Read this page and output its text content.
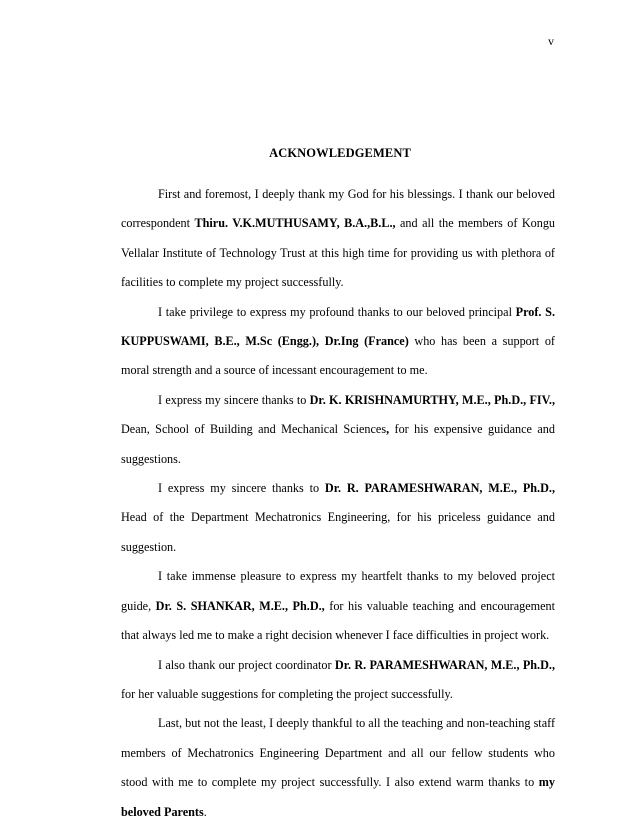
v
ACKNOWLEDGEMENT

First and foremost, I deeply thank my God for his blessings. I thank our beloved correspondent Thiru. V.K.MUTHUSAMY, B.A.,B.L., and all the members of Kongu Vellalar Institute of Technology Trust at this high time for providing us with plethora of facilities to complete my project successfully.

I take privilege to express my profound thanks to our beloved principal Prof. S. KUPPUSWAMI, B.E., M.Sc (Engg.), Dr.Ing (France) who has been a support of moral strength and a source of incessant encouragement to me.

I express my sincere thanks to Dr. K. KRISHNAMURTHY, M.E., Ph.D., FIV., Dean, School of Building and Mechanical Sciences, for his expensive guidance and suggestions.

I express my sincere thanks to Dr. R. PARAMESHWARAN, M.E., Ph.D., Head of the Department Mechatronics Engineering, for his priceless guidance and suggestion.

I take immense pleasure to express my heartfelt thanks to my beloved project guide, Dr. S. SHANKAR, M.E., Ph.D., for his valuable teaching and encouragement that always led me to make a right decision whenever I face difficulties in project work.

I also thank our project coordinator Dr. R. PARAMESHWARAN, M.E., Ph.D., for her valuable suggestions for completing the project successfully.

Last, but not the least, I deeply thankful to all the teaching and non-teaching staff members of Mechatronics Engineering Department and all our fellow students who stood with me to complete my project successfully. I also extend warm thanks to my beloved Parents.
